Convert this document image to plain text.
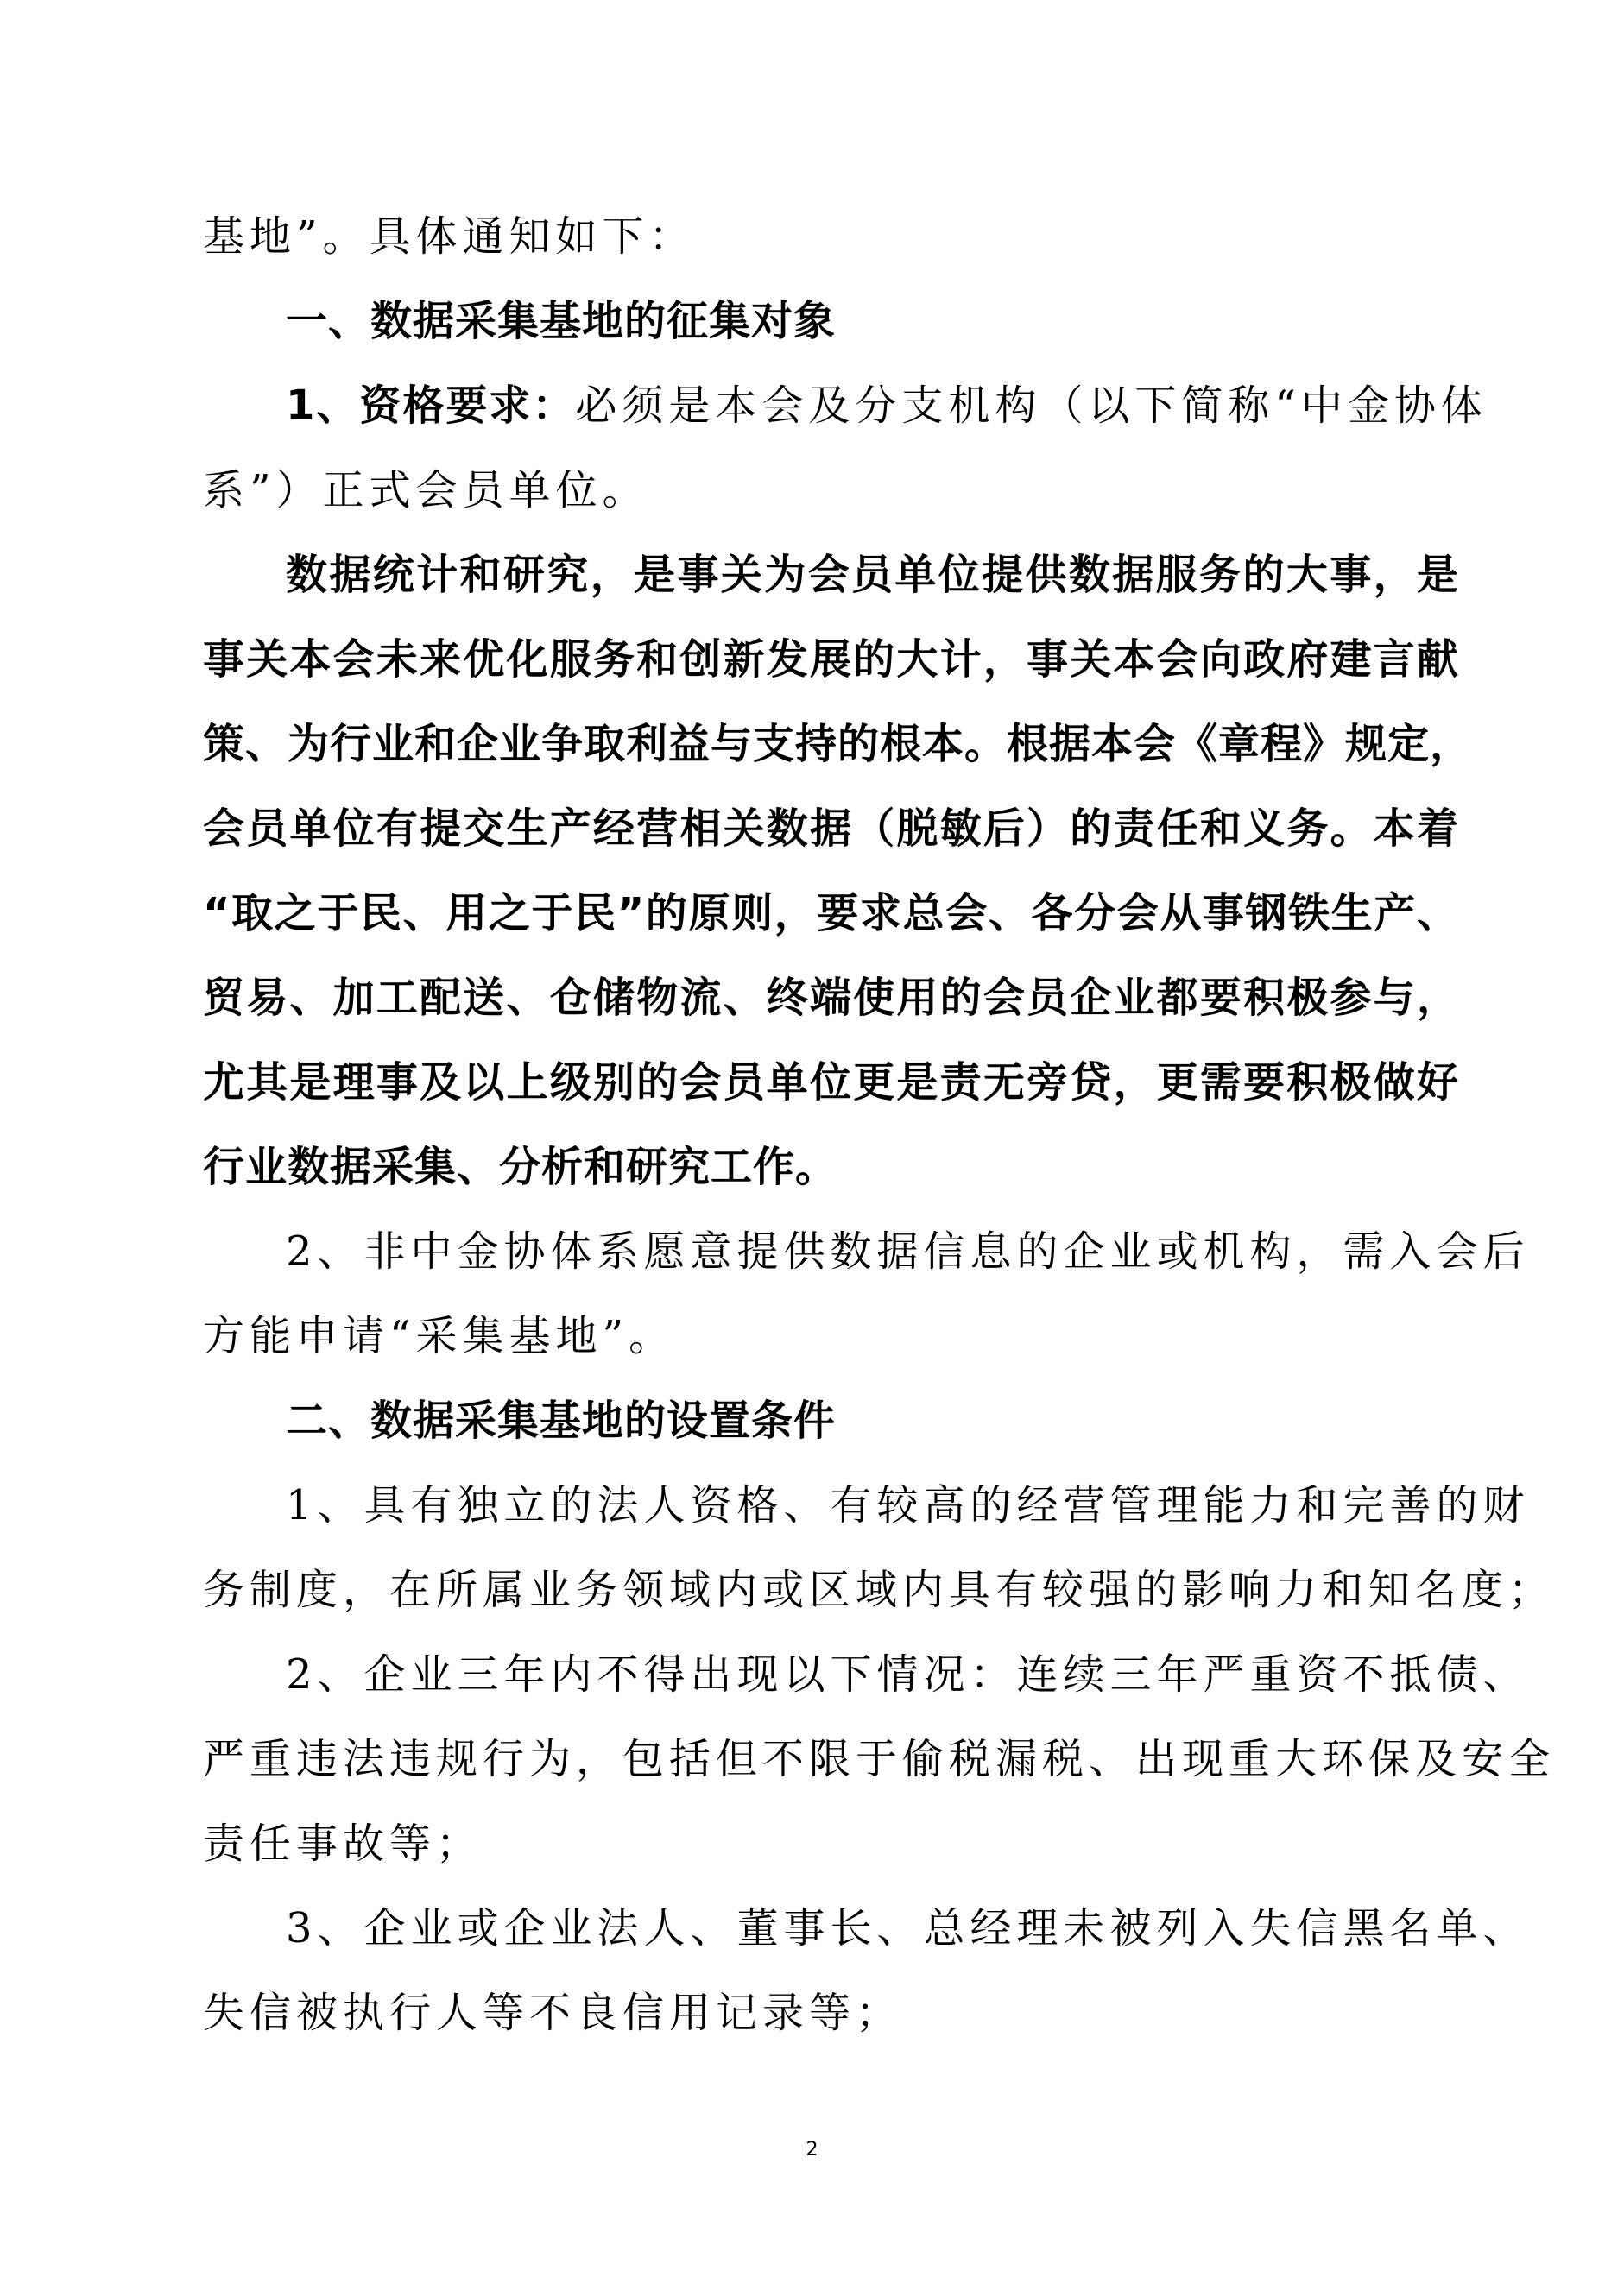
基地”。具体通知如下：
一、数据采集基地的征集对象
1、资格要求：必须是本会及分支机构（以下简称“中金协体
系”）正式会员单位。
数据统计和研究，是事关为会员单位提供数据服务的大事，是
事关本会未来优化服务和创新发展的大计，事关本会向政府建言献
策、为行业和企业争取利益与支持的根本。根据本会《章程》规定，
会员单位有提交生产经营相关数据（脱敏后）的责任和义务。本着
“取之于民、用之于民”的原则，要求总会、各分会从事钢铁生产、
贸易、加工配送、仓储物流、终端使用的会员企业都要积极参与，
尤其是理事及以上级别的会员单位更是责无旁贷，更需要积极做好
行业数据采集、分析和研究工作。
2、非中金协体系愿意提供数据信息的企业或机构，需入会后
方能申请“采集基地”。
二、数据采集基地的设置条件
1、具有独立的法人资格、有较高的经营管理能力和完善的财
务制度，在所属业务领域内或区域内具有较强的影响力和知名度；
2、企业三年内不得出现以下情况：连续三年严重资不抵债、
严重违法违规行为，包括但不限于偷税漏税、出现重大环保及安全
责任事故等；
3、企业或企业法人、董事长、总经理未被列入失信黑名单、
失信被执行人等不良信用记录等；
2
